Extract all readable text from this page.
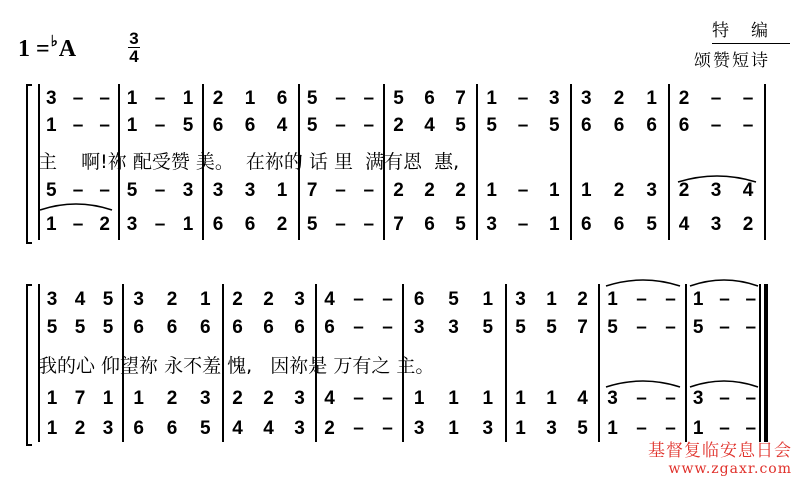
1 =♭A	3
4
特编
颂赞短诗
3 – –
1 – –
5 – –
1 – 2
1 – 1
1 – 5
5 – 3
3 – 1
2 1 6
6 6 4
3 3 1
6 6 2
5 – –
5 – –
7 – –
5 – –
5 6 7
2 4 5
2 2 2
7 6 5
1 – 3
5 – 5
1 – 1
3 – 1
3 2 1
6 6 6
1 2 3
6 6 5
2 – –
6 – –
2 3 4
4 3 2
3 4 5
5 5 5
1 7 1
1 2 3
3 2 1
6 6 6
1 2 3
6 6 5
2 2 3
6 6 6
2 2 3
4 4 3
4 – –
6 – –
4 – –
2 – –
6 5 1
3 3 5
1 1 1
3 1 3
3 1 2
5 5 7
1 1 4
1 3 5
1 – –
5 – –
3 – –
1 – –
1 – –
5 – –
3 – –
1 – –
主    啊!祢 配受赞 美。  在祢的 话 里  满有恩  惠,
我的心 仰望祢 永不羞 愧,   因祢是 万有之 主。
基督复临安息日会
www.zgaxr.com
